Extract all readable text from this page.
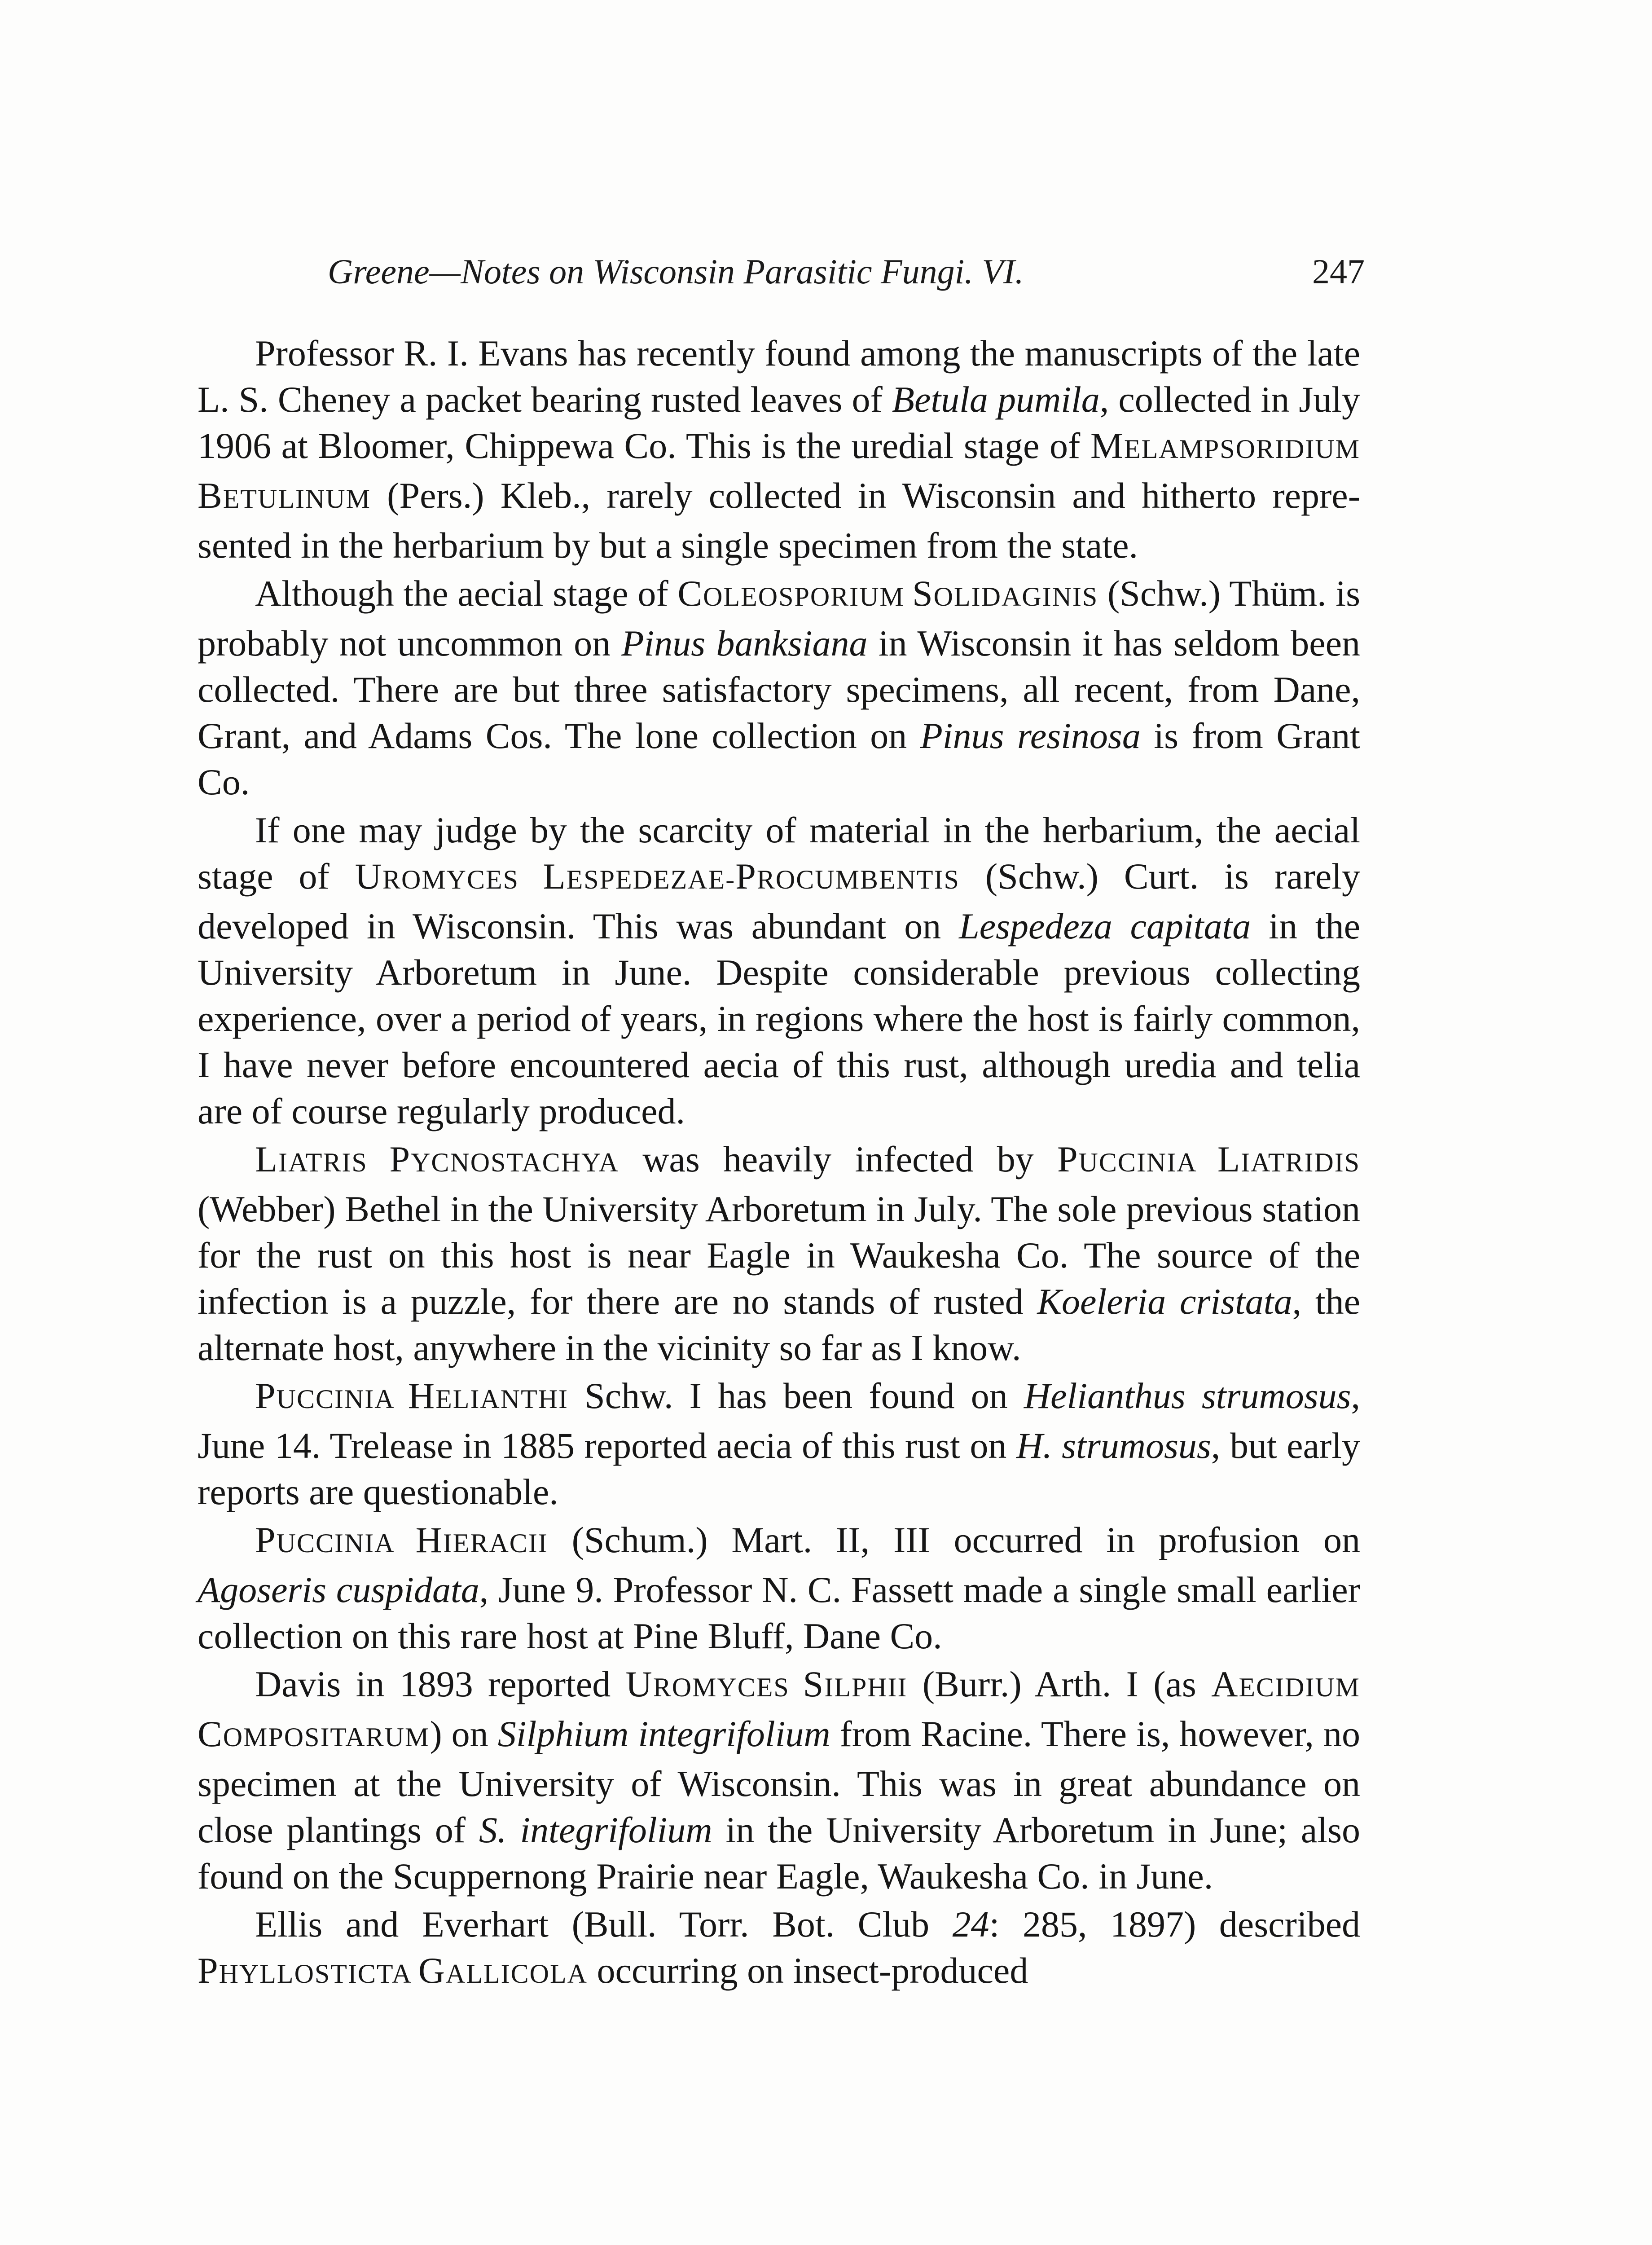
Greene—Notes on Wisconsin Parasitic Fungi. VI.	247

Professor R. I. Evans has recently found among the manuscripts of the late L. S. Cheney a packet bearing rusted leaves of Betula pumila, collected in July 1906 at Bloomer, Chippewa Co. This is the uredial stage of MELAMPSORIDIUM BETULINUM (Pers.) Kleb., rarely collected in Wisconsin and hitherto represented in the herbarium by but a single specimen from the state.

Although the aecial stage of COLEOSPORIUM SOLIDAGINIS (Schw.) Thüm. is probably not uncommon on Pinus banksiana in Wisconsin it has seldom been collected. There are but three satisfactory specimens, all recent, from Dane, Grant, and Adams Cos. The lone collection on Pinus resinosa is from Grant Co.

If one may judge by the scarcity of material in the herbarium, the aecial stage of UROMYCES LESPEDEZAE-PROCUMBENTIS (Schw.) Curt. is rarely developed in Wisconsin. This was abundant on Lespedeza capitata in the University Arboretum in June. Despite considerable previous collecting experience, over a period of years, in regions where the host is fairly common, I have never before encountered aecia of this rust, although uredia and telia are of course regularly produced.

LIATRIS PYCNOSTACHYA was heavily infected by PUCCINIA LIATRIDIS (Webber) Bethel in the University Arboretum in July. The sole previous station for the rust on this host is near Eagle in Waukesha Co. The source of the infection is a puzzle, for there are no stands of rusted Koeleria cristata, the alternate host, anywhere in the vicinity so far as I know.

PUCCINIA HELIANTHI Schw. I has been found on Helianthus strumosus, June 14. Trelease in 1885 reported aecia of this rust on H. strumosus, but early reports are questionable.

PUCCINIA HIERACII (Schum.) Mart. II, III occurred in profusion on Agoseris cuspidata, June 9. Professor N. C. Fassett made a single small earlier collection on this rare host at Pine Bluff, Dane Co.

Davis in 1893 reported UROMYCES SILPHII (Burr.) Arth. I (as AECIDIUM COMPOSITARUM) on Silphium integrifolium from Racine. There is, however, no specimen at the University of Wisconsin. This was in great abundance on close plantings of S. integrifolium in the University Arboretum in June; also found on the Scuppernong Prairie near Eagle, Waukesha Co. in June.

Ellis and Everhart (Bull. Torr. Bot. Club 24: 285, 1897) described PHYLLOSTICTA GALLICOLA occurring on insect-produced
